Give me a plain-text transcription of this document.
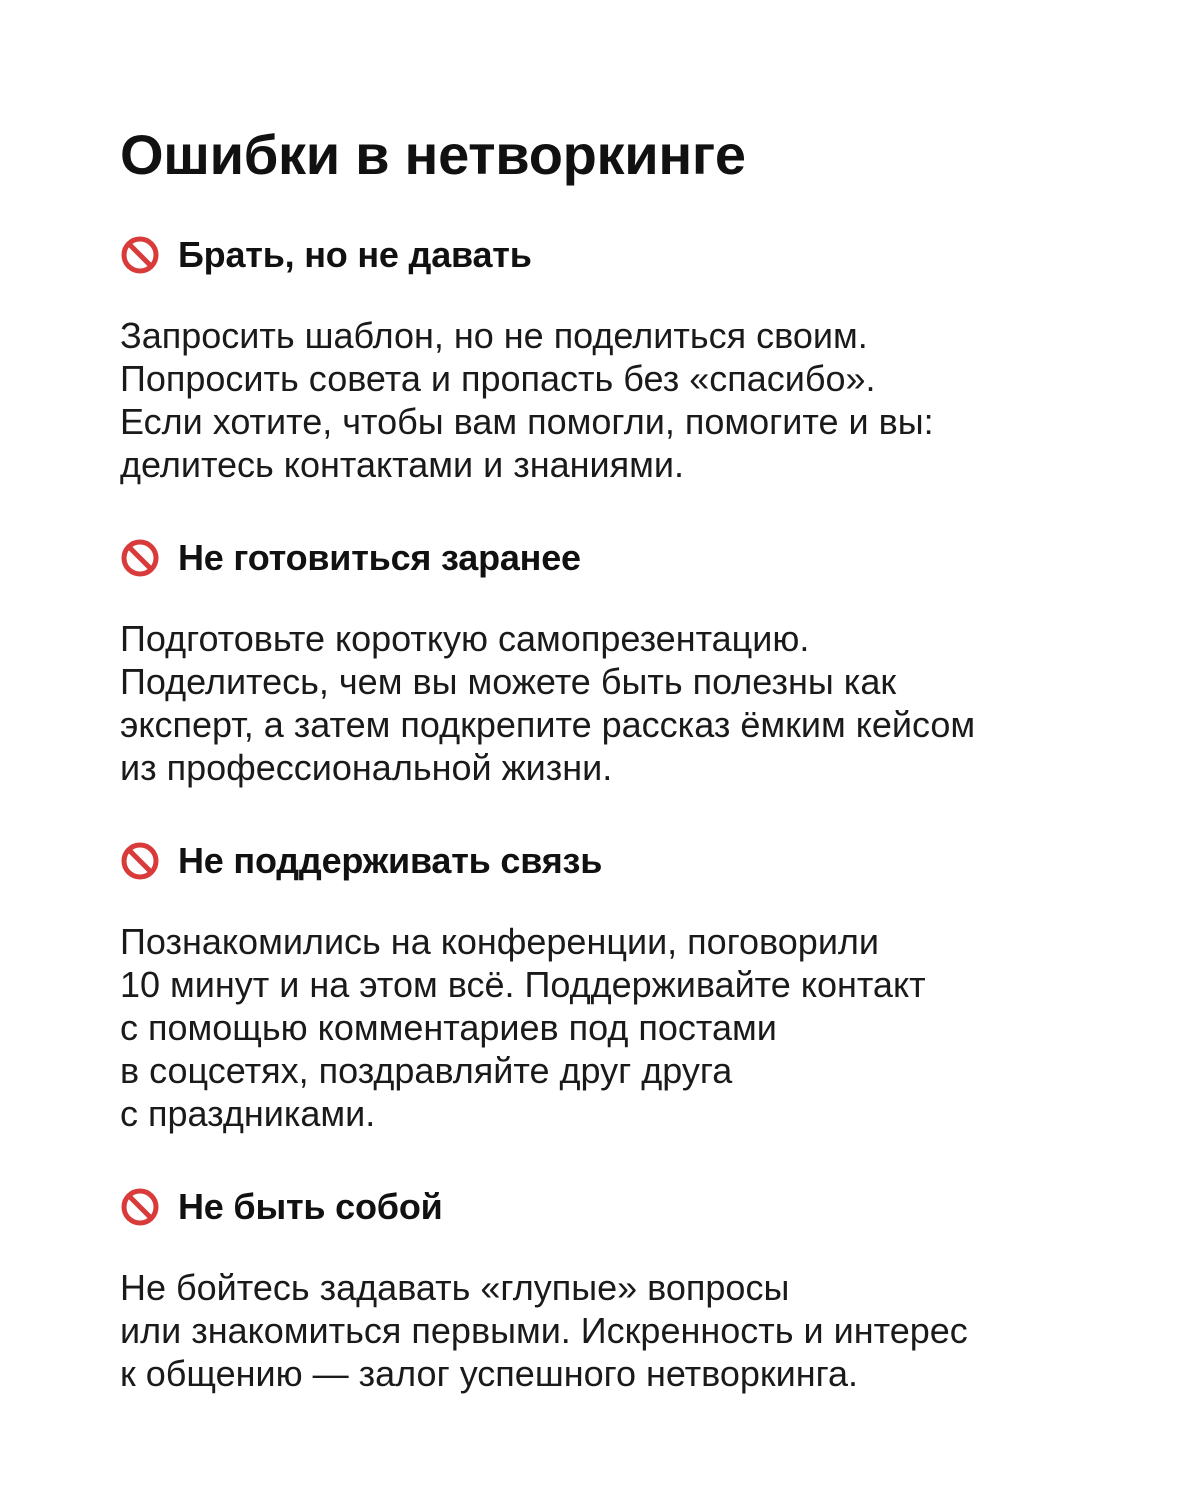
Ошибки в нетворкинге
Брать, но не давать
Запросить шаблон, но не поделиться своим.
Попросить совета и пропасть без «спасибо».
Если хотите, чтобы вам помогли, помогите и вы:
делитесь контактами и знаниями.
Не готовиться заранее
Подготовьте короткую самопрезентацию.
Поделитесь, чем вы можете быть полезны как
эксперт, а затем подкрепите рассказ ёмким кейсом
из профессиональной жизни.
Не поддерживать связь
Познакомились на конференции, поговорили
10 минут и на этом всё. Поддерживайте контакт
с помощью комментариев под постами
в соцсетях, поздравляйте друг друга
с праздниками.
Не быть собой
Не бойтесь задавать «глупые» вопросы
или знакомиться первыми. Искренность и интерес
к общению — залог успешного нетворкинга.
